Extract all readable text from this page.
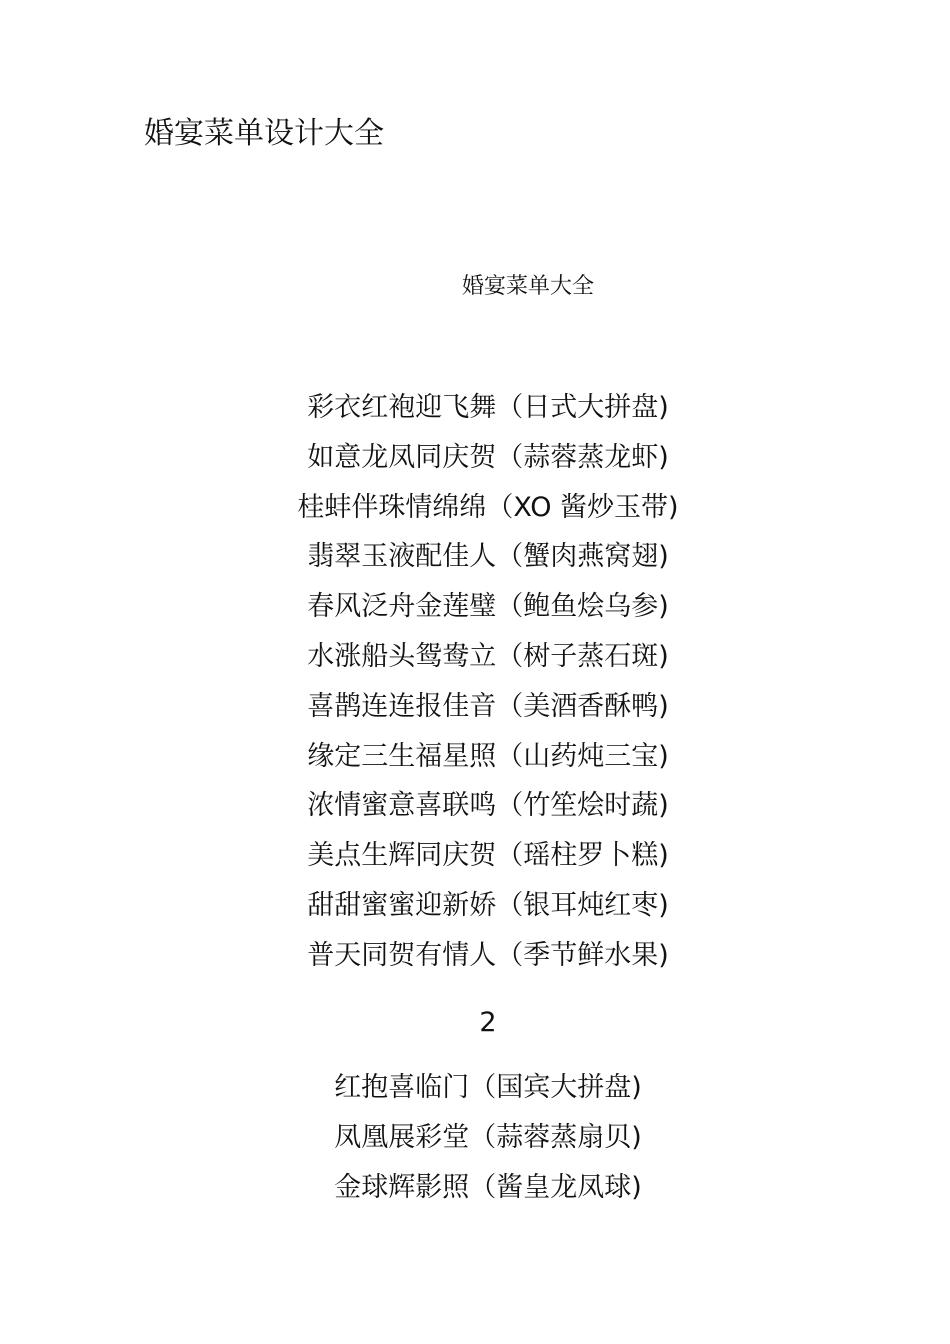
婚宴菜单设计大全
婚宴菜单大全
彩衣红袍迎飞舞（日式大拼盘)
如意龙凤同庆贺（蒜蓉蒸龙虾)
桂蚌伴珠情绵绵（XO 酱炒玉带)
翡翠玉液配佳人（蟹肉燕窝翅)
春风泛舟金莲璧（鲍鱼烩乌参)
水涨船头鸳鸯立（树子蒸石斑)
喜鹊连连报佳音（美酒香酥鸭)
缘定三生福星照（山药炖三宝)
浓情蜜意喜联鸣（竹笙烩时蔬)
美点生辉同庆贺（瑶柱罗卜糕)
甜甜蜜蜜迎新娇（银耳炖红枣)
普天同贺有情人（季节鲜水果)
2
红抱喜临门（国宾大拼盘)
凤凰展彩堂（蒜蓉蒸扇贝)
金球辉影照（酱皇龙凤球)
